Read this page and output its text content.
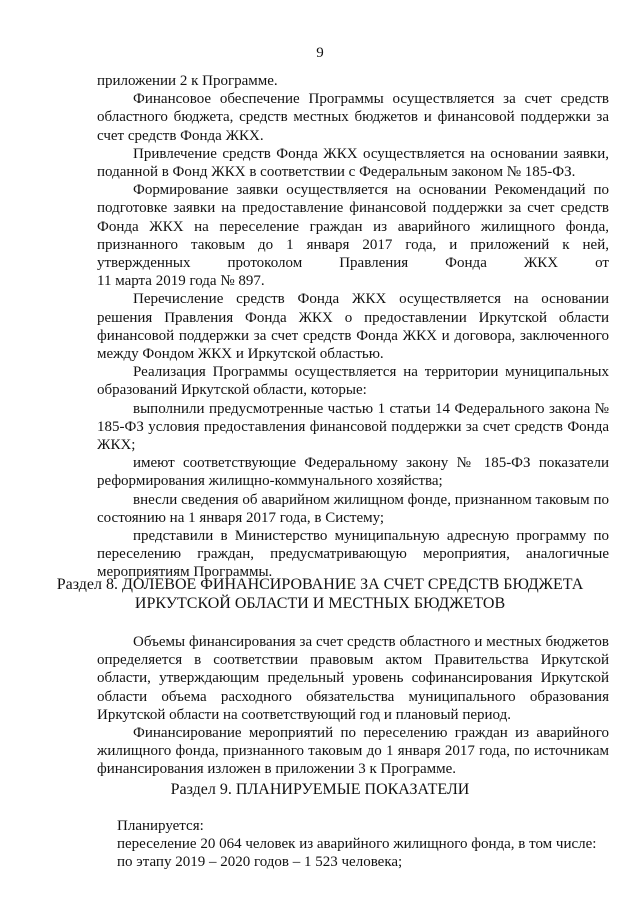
9

приложении 2 к Программе.

Финансовое обеспечение Программы осуществляется за счет средств областного бюджета, средств местных бюджетов и финансовой поддержки за счет средств Фонда ЖКХ.

Привлечение средств Фонда ЖКХ осуществляется на основании заявки, поданной в Фонд ЖКХ в соответствии с Федеральным законом № 185-ФЗ.

Формирование заявки осуществляется на основании Рекомендаций по подготовке заявки на предоставление финансовой поддержки за счет средств Фонда ЖКХ на переселение граждан из аварийного жилищного фонда, признанного таковым до 1 января 2017 года, и приложений к ней, утвержденных протоколом Правления Фонда ЖКХ от

11 марта 2019 года № 897.

Перечисление средств Фонда ЖКХ осуществляется на основании решения Правления Фонда ЖКХ о предоставлении Иркутской области финансовой поддержки за счет средств Фонда ЖКХ и договора, заключенного между Фондом ЖКХ и Иркутской областью.

Реализация Программы осуществляется на территории муниципальных образований Иркутской области, которые:

выполнили предусмотренные частью 1 статьи 14 Федерального закона № 185-ФЗ условия предоставления финансовой поддержки за счет средств Фонда ЖКХ;

имеют соответствующие Федеральному закону № 185-ФЗ показатели реформирования жилищно-коммунального хозяйства;

внесли сведения об аварийном жилищном фонде, признанном таковым по состоянию на 1 января 2017 года, в Систему;

представили в Министерство муниципальную адресную программу по переселению граждан, предусматривающую мероприятия, аналогичные мероприятиям Программы.

Раздел 8. ДОЛЕВОЕ ФИНАНСИРОВАНИЕ ЗА СЧЕТ СРЕДСТВ БЮДЖЕТА
ИРКУТСКОЙ ОБЛАСТИ И МЕСТНЫХ БЮДЖЕТОВ

Объемы финансирования за счет средств областного и местных бюджетов определяется в соответствии правовым актом Правительства Иркутской области, утверждающим предельный уровень софинансирования Иркутской области объема расходного обязательства муниципального образования Иркутской области на соответствующий год и плановый период.

Финансирование мероприятий по переселению граждан из аварийного жилищного фонда, признанного таковым до 1 января 2017 года, по источникам финансирования изложен в приложении 3 к Программе.

Раздел 9. ПЛАНИРУЕМЫЕ ПОКАЗАТЕЛИ

Планируется:

переселение 20 064 человек из аварийного жилищного фонда, в том числе:

по этапу 2019 – 2020 годов – 1 523 человека;
